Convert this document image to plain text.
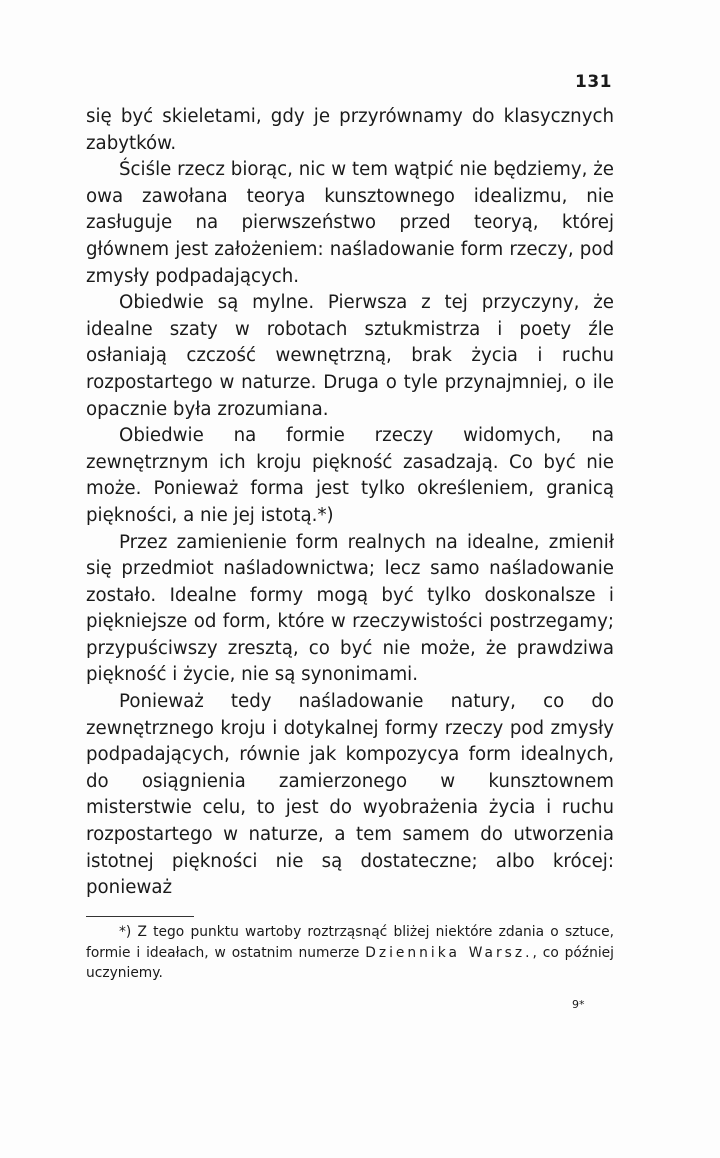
131

się być skieletami, gdy je przyrównamy do klasycznych zabytków.

Ściśle rzecz biorąc, nic w tem wątpić nie będziemy, że owa zawołana teorya kunsztownego idealizmu, nie zasługuje na pierwszeństwo przed teoryą, której głównem jest założeniem: naśladowanie form rzeczy, pod zmysły podpadających.

Obiedwie są mylne. Pierwsza z tej przyczyny, że idealne szaty w robotach sztukmistrza i poety źle osłaniają czczość wewnętrzną, brak życia i ruchu rozpostartego w naturze. Druga o tyle przynajmniej, o ile opacznie była zrozumiana.

Obiedwie na formie rzeczy widomych, na zewnętrznym ich kroju piękność zasadzają. Co być nie może. Ponieważ forma jest tylko określeniem, granicą piękności, a nie jej istotą.*)

Przez zamienienie form realnych na idealne, zmienił się przedmiot naśladownictwa; lecz samo naśladowanie zostało. Idealne formy mogą być tylko doskonalsze i piękniejsze od form, które w rzeczywistości postrzegamy; przypuściwszy zresztą, co być nie może, że prawdziwa piękność i życie, nie są synonimami.

Ponieważ tedy naśladowanie natury, co do zewnętrznego kroju i dotykalnej formy rzeczy pod zmysły podpadających, równie jak kompozycya form idealnych, do osiągnienia zamierzonego w kunsztownem misterstwie celu, to jest do wyobrażenia życia i ruchu rozpostartego w naturze, a tem samem do utworzenia istotnej piękności nie są dostateczne; albo krócej: ponieważ

*) Z tego punktu wartoby roztrząsnąć bliżej niektóre zdania o sztuce, formie i ideałach, w ostatnim numerze Dziennika Warsz., co później uczyniemy.

9*
